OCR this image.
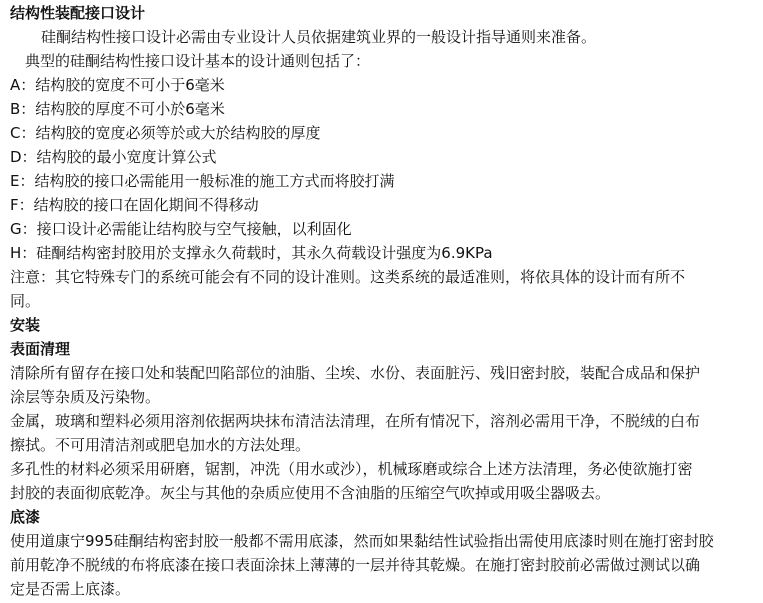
结构性装配接口设计
硅酮结构性接口设计必需由专业设计人员依据建筑业界的一般设计指导通则来准备。
典型的硅酮结构性接口设计基本的设计通则包括了：
A：结构胶的宽度不可小于6毫米
B：结构胶的厚度不可小於6毫米
C：结构胶的宽度必须等於或大於结构胶的厚度
D：结构胶的最小宽度计算公式
E：结构胶的接口必需能用一般标准的施工方式而将胶打满
F：结构胶的接口在固化期间不得移动
G：接口设计必需能让结构胶与空气接触，以利固化
H：硅酮结构密封胶用於支撑永久荷载时，其永久荷载设计强度为6.9KPa
注意：其它特殊专门的系统可能会有不同的设计准则。这类系统的最适准则，将依具体的设计而有所不
同。
安装
表面清理
清除所有留存在接口处和装配凹陷部位的油脂、尘埃、水份、表面脏污、残旧密封胶，装配合成品和保护
涂层等杂质及污染物。
金属，玻璃和塑料必须用溶剂依据两块抹布清洁法清理，在所有情况下，溶剂必需用干净，不脱绒的白布
擦拭。不可用清洁剂或肥皂加水的方法处理。
多孔性的材料必须采用研磨，锯割，冲洗（用水或沙），机械琢磨或综合上述方法清理，务必使欲施打密
封胶的表面彻底乾净。灰尘与其他的杂质应使用不含油脂的压缩空气吹掉或用吸尘器吸去。
底漆
使用道康宁995硅酮结构密封胶一般都不需用底漆，然而如果黏结性试验指出需使用底漆时则在施打密封胶
前用乾净不脱绒的布将底漆在接口表面涂抹上薄薄的一层并待其乾燥。在施打密封胶前必需做过测试以确
定是否需上底漆。
